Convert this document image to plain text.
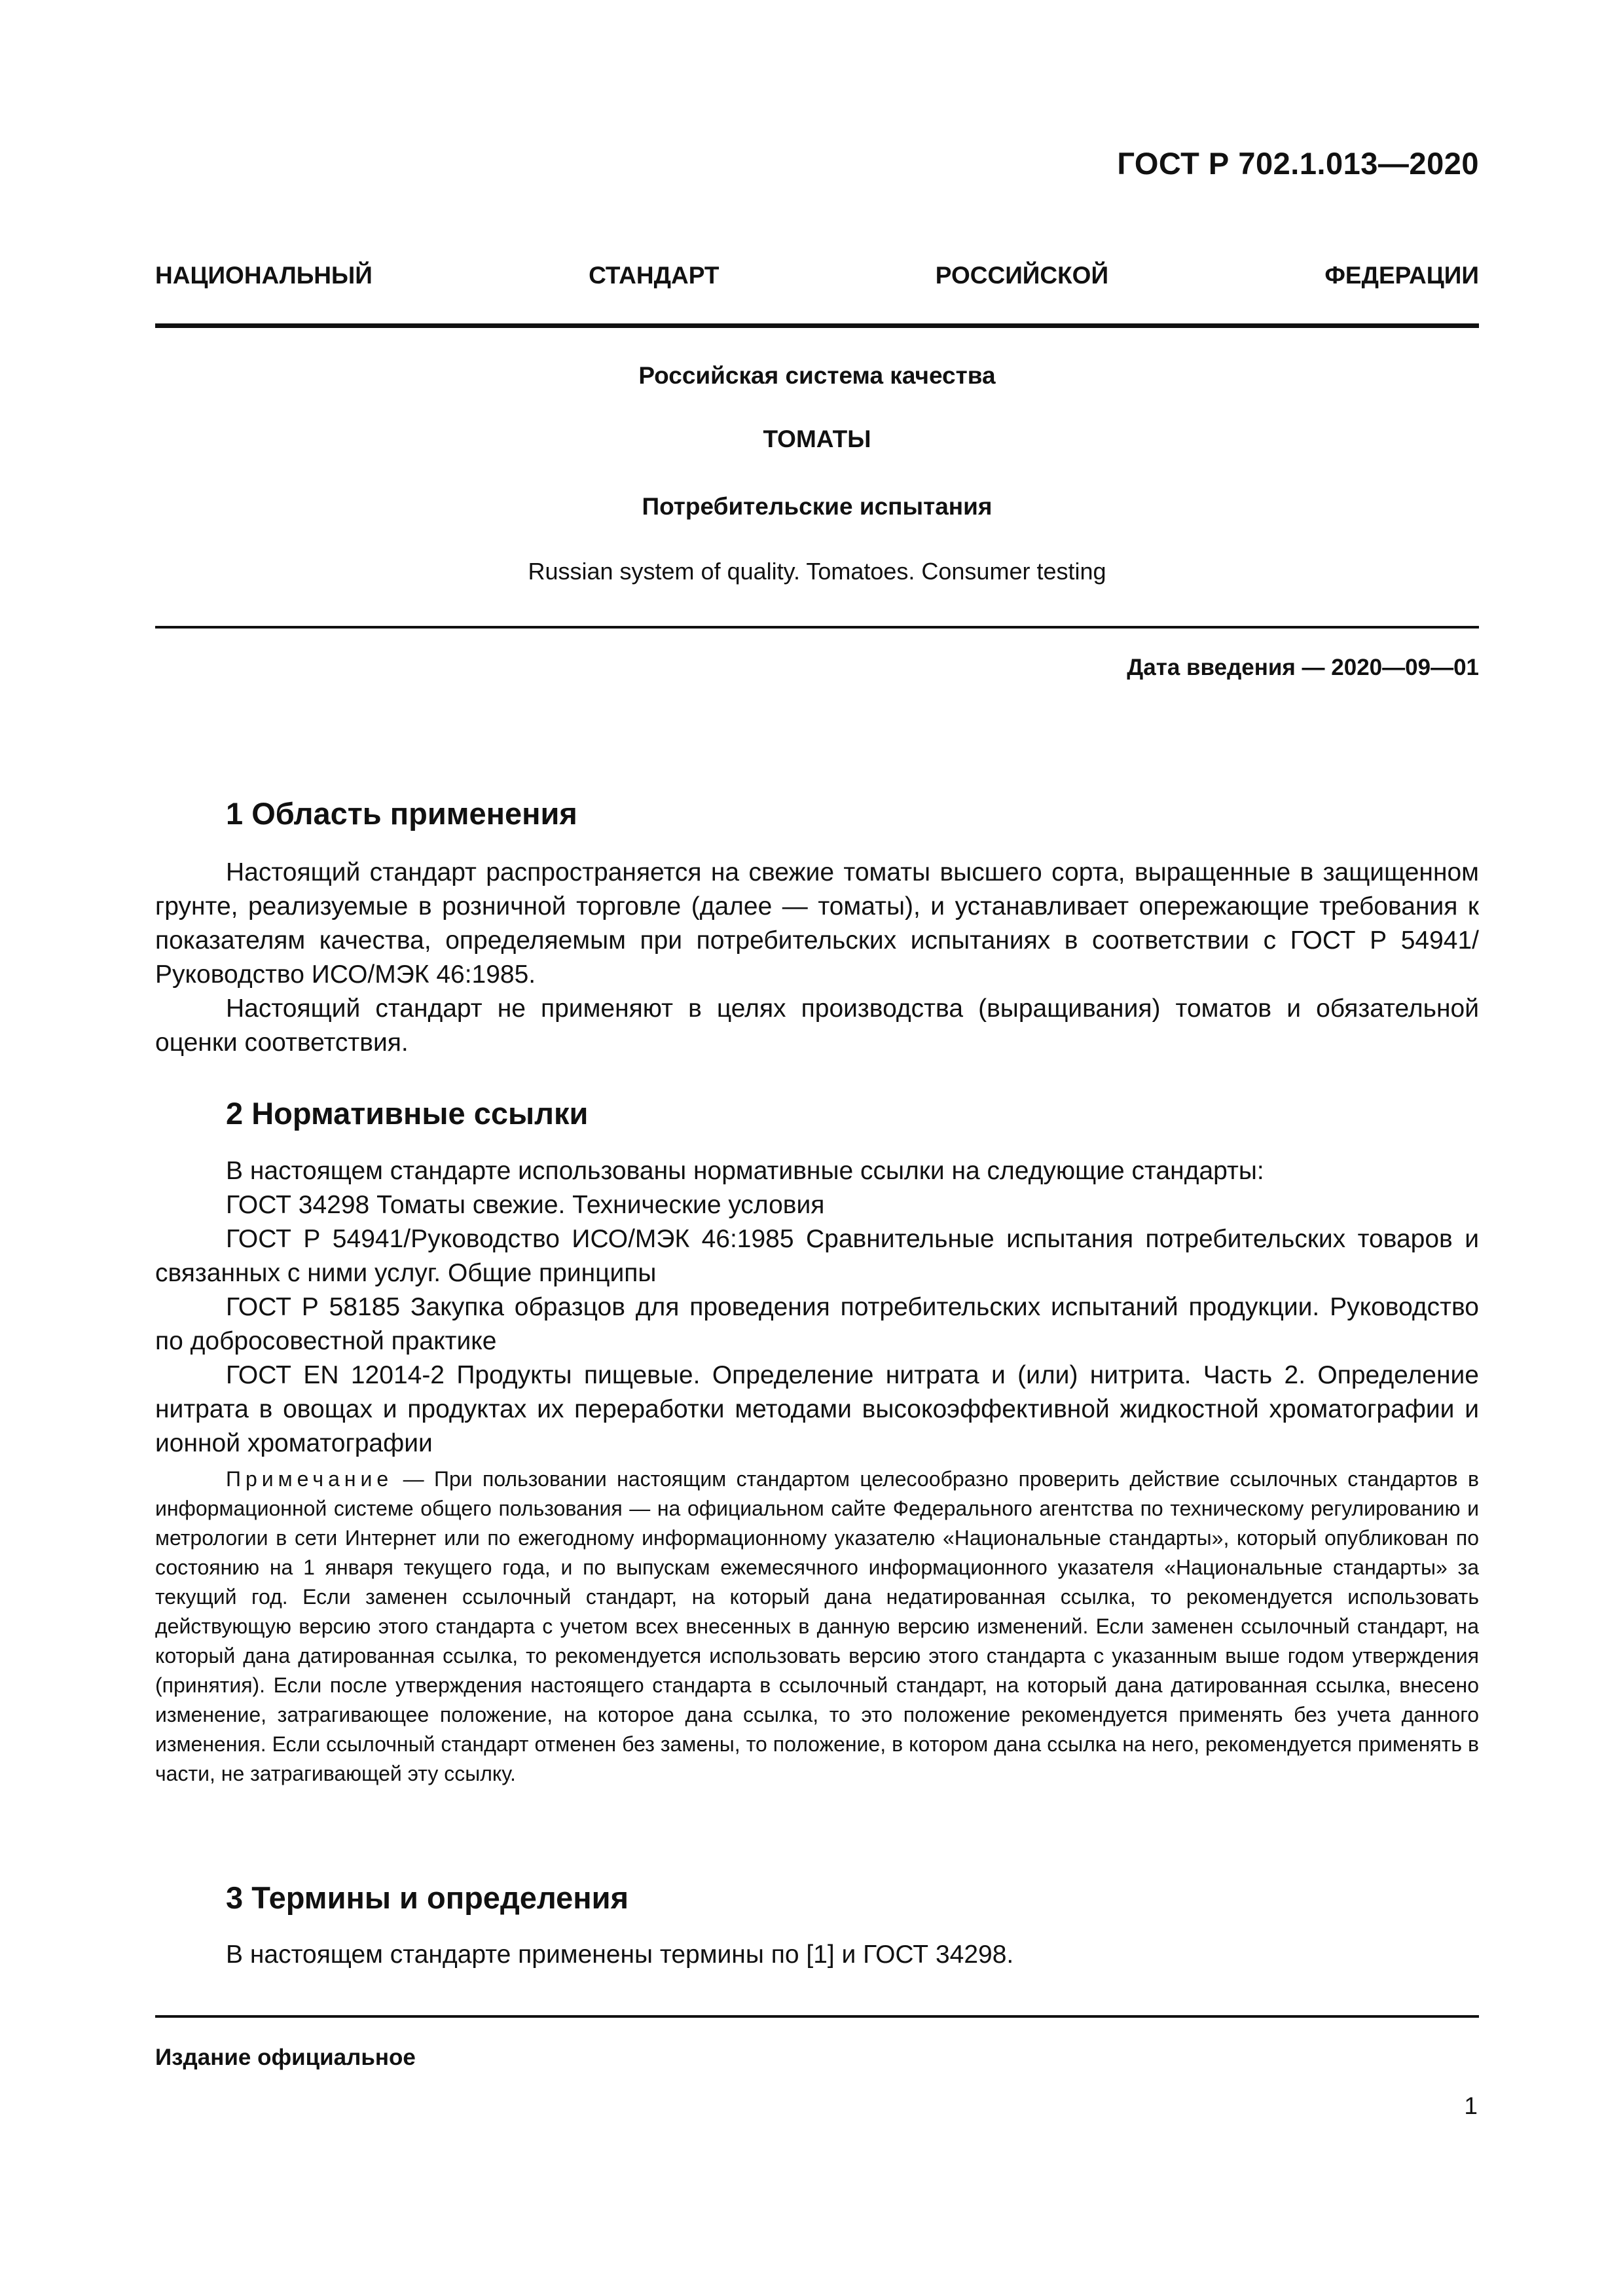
ГОСТ Р 702.1.013—2020
НАЦИОНАЛЬНЫЙ СТАНДАРТ РОССИЙСКОЙ ФЕДЕРАЦИИ
Российская система качества
ТОМАТЫ
Потребительские испытания
Russian system of quality. Tomatoes. Consumer testing
Дата введения — 2020—09—01
1 Область применения

Настоящий стандарт распространяется на свежие томаты высшего сорта, выращенные в защищенном грунте, реализуемые в розничной торговле (далее — томаты), и устанавливает опережающие требования к показателям качества, определяемым при потребительских испытаниях в соответствии с ГОСТ Р 54941/Руководство ИСО/МЭК 46:1985.

Настоящий стандарт не применяют в целях производства (выращивания) томатов и обязательной оценки соответствия.

2 Нормативные ссылки

В настоящем стандарте использованы нормативные ссылки на следующие стандарты:

ГОСТ 34298 Томаты свежие. Технические условия

ГОСТ Р 54941/Руководство ИСО/МЭК 46:1985 Сравнительные испытания потребительских товаров и связанных с ними услуг. Общие принципы

ГОСТ Р 58185 Закупка образцов для проведения потребительских испытаний продукции. Руководство по добросовестной практике

ГОСТ EN 12014-2 Продукты пищевые. Определение нитрата и (или) нитрита. Часть 2. Определение нитрата в овощах и продуктах их переработки методами высокоэффективной жидкостной хроматографии и ионной хроматографии

Примечание — При пользовании настоящим стандартом целесообразно проверить действие ссылочных стандартов в информационной системе общего пользования — на официальном сайте Федерального агентства по техническому регулированию и метрологии в сети Интернет или по ежегодному информационному указателю «Национальные стандарты», который опубликован по состоянию на 1 января текущего года, и по выпускам ежемесячного информационного указателя «Национальные стандарты» за текущий год. Если заменен ссылочный стандарт, на который дана недатированная ссылка, то рекомендуется использовать действующую версию этого стандарта с учетом всех внесенных в данную версию изменений. Если заменен ссылочный стандарт, на который дана датированная ссылка, то рекомендуется использовать версию этого стандарта с указанным выше годом утверждения (принятия). Если после утверждения настоящего стандарта в ссылочный стандарт, на который дана датированная ссылка, внесено изменение, затрагивающее положение, на которое дана ссылка, то это положение рекомендуется применять без учета данного изменения. Если ссылочный стандарт отменен без замены, то положение, в котором дана ссылка на него, рекомендуется применять в части, не затрагивающей эту ссылку.

3 Термины и определения

В настоящем стандарте применены термины по [1] и ГОСТ 34298.

Издание официальное
1
